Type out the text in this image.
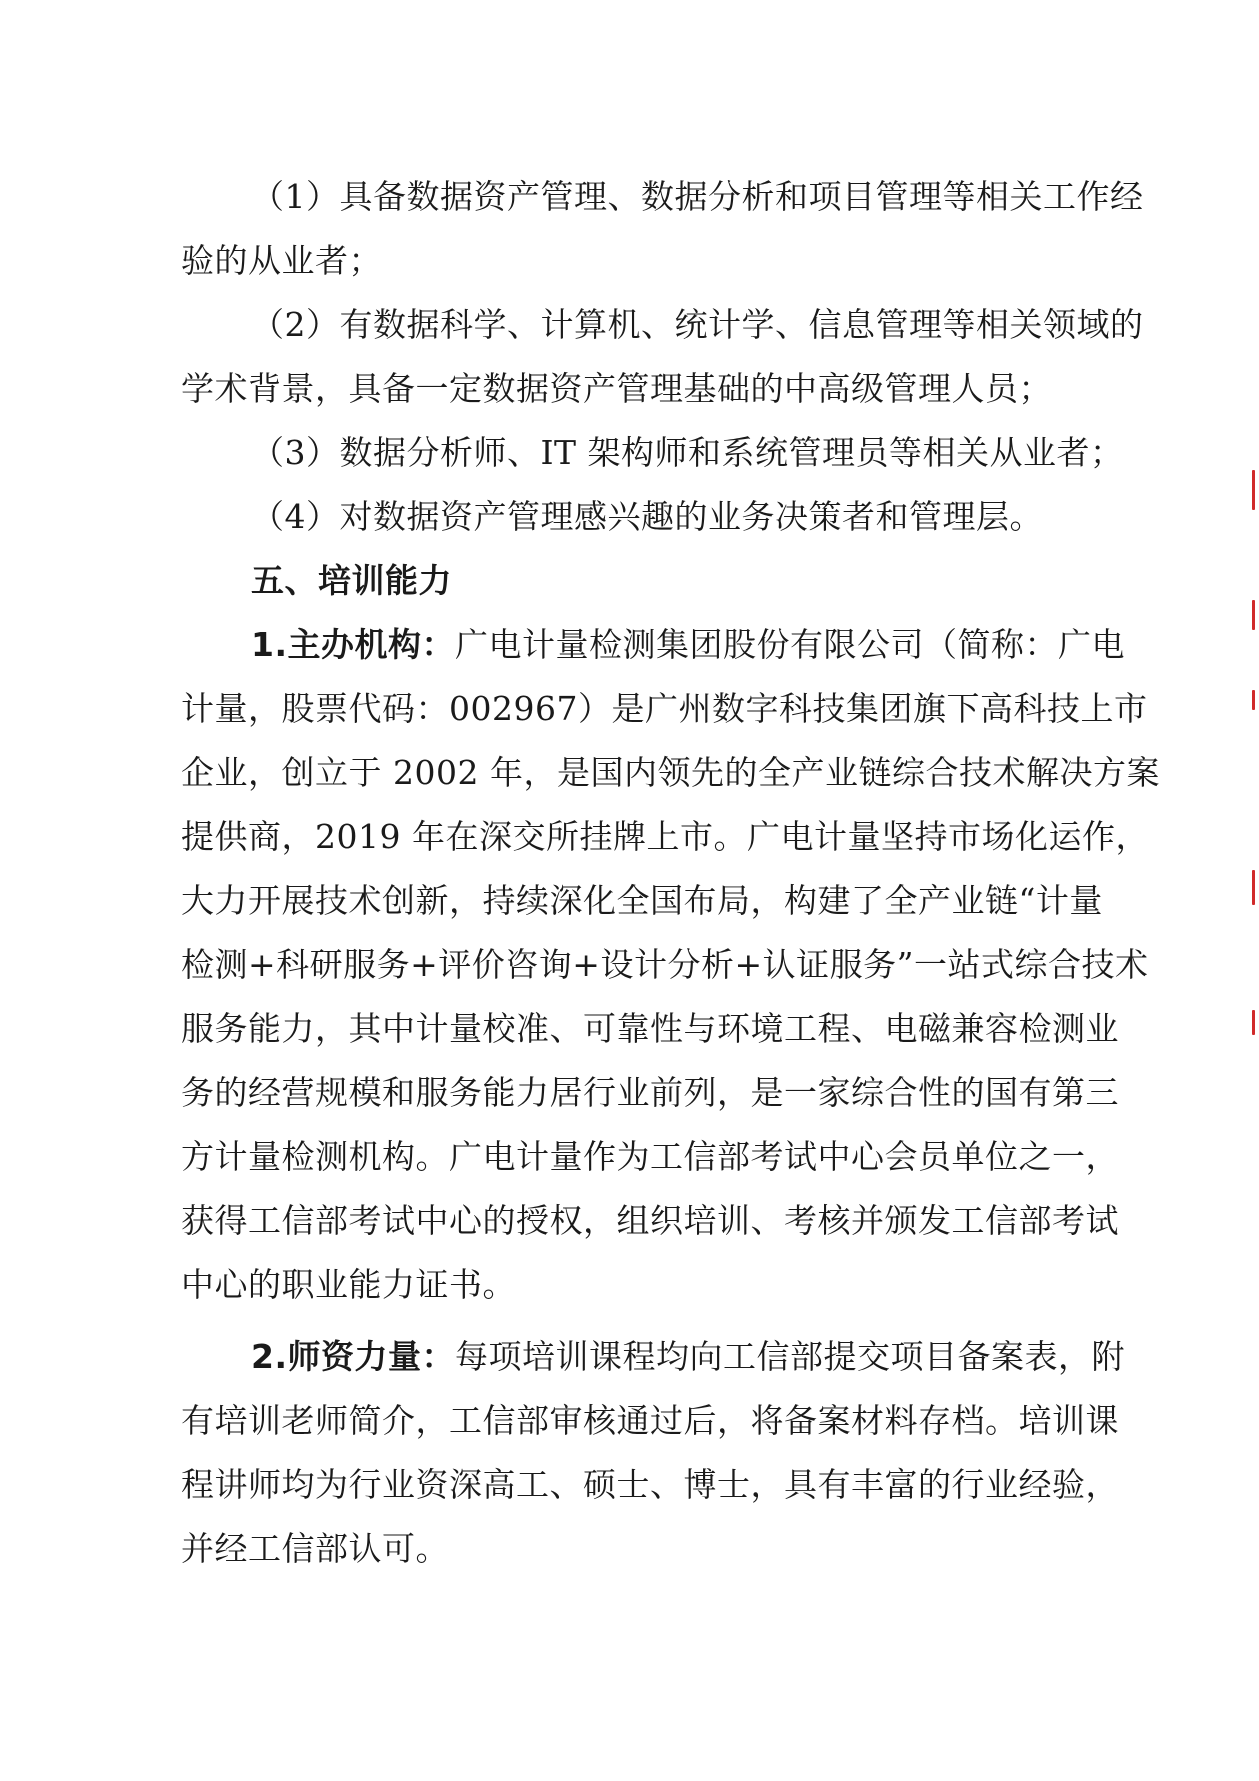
（1）具备数据资产管理、数据分析和项目管理等相关工作经
验的从业者；
（2）有数据科学、计算机、统计学、信息管理等相关领域的
学术背景，具备一定数据资产管理基础的中高级管理人员；
（3）数据分析师、IT 架构师和系统管理员等相关从业者；
（4）对数据资产管理感兴趣的业务决策者和管理层。
五、培训能力
1.主办机构：广电计量检测集团股份有限公司（简称：广电
计量，股票代码：002967）是广州数字科技集团旗下高科技上市
企业，创立于 2002 年，是国内领先的全产业链综合技术解决方案
提供商，2019 年在深交所挂牌上市。广电计量坚持市场化运作，
大力开展技术创新，持续深化全国布局，构建了全产业链“计量
检测+科研服务+评价咨询+设计分析+认证服务”一站式综合技术
服务能力，其中计量校准、可靠性与环境工程、电磁兼容检测业
务的经营规模和服务能力居行业前列，是一家综合性的国有第三
方计量检测机构。广电计量作为工信部考试中心会员单位之一，
获得工信部考试中心的授权，组织培训、考核并颁发工信部考试
中心的职业能力证书。
2.师资力量：每项培训课程均向工信部提交项目备案表，附
有培训老师简介，工信部审核通过后，将备案材料存档。培训课
程讲师均为行业资深高工、硕士、博士，具有丰富的行业经验，
并经工信部认可。
